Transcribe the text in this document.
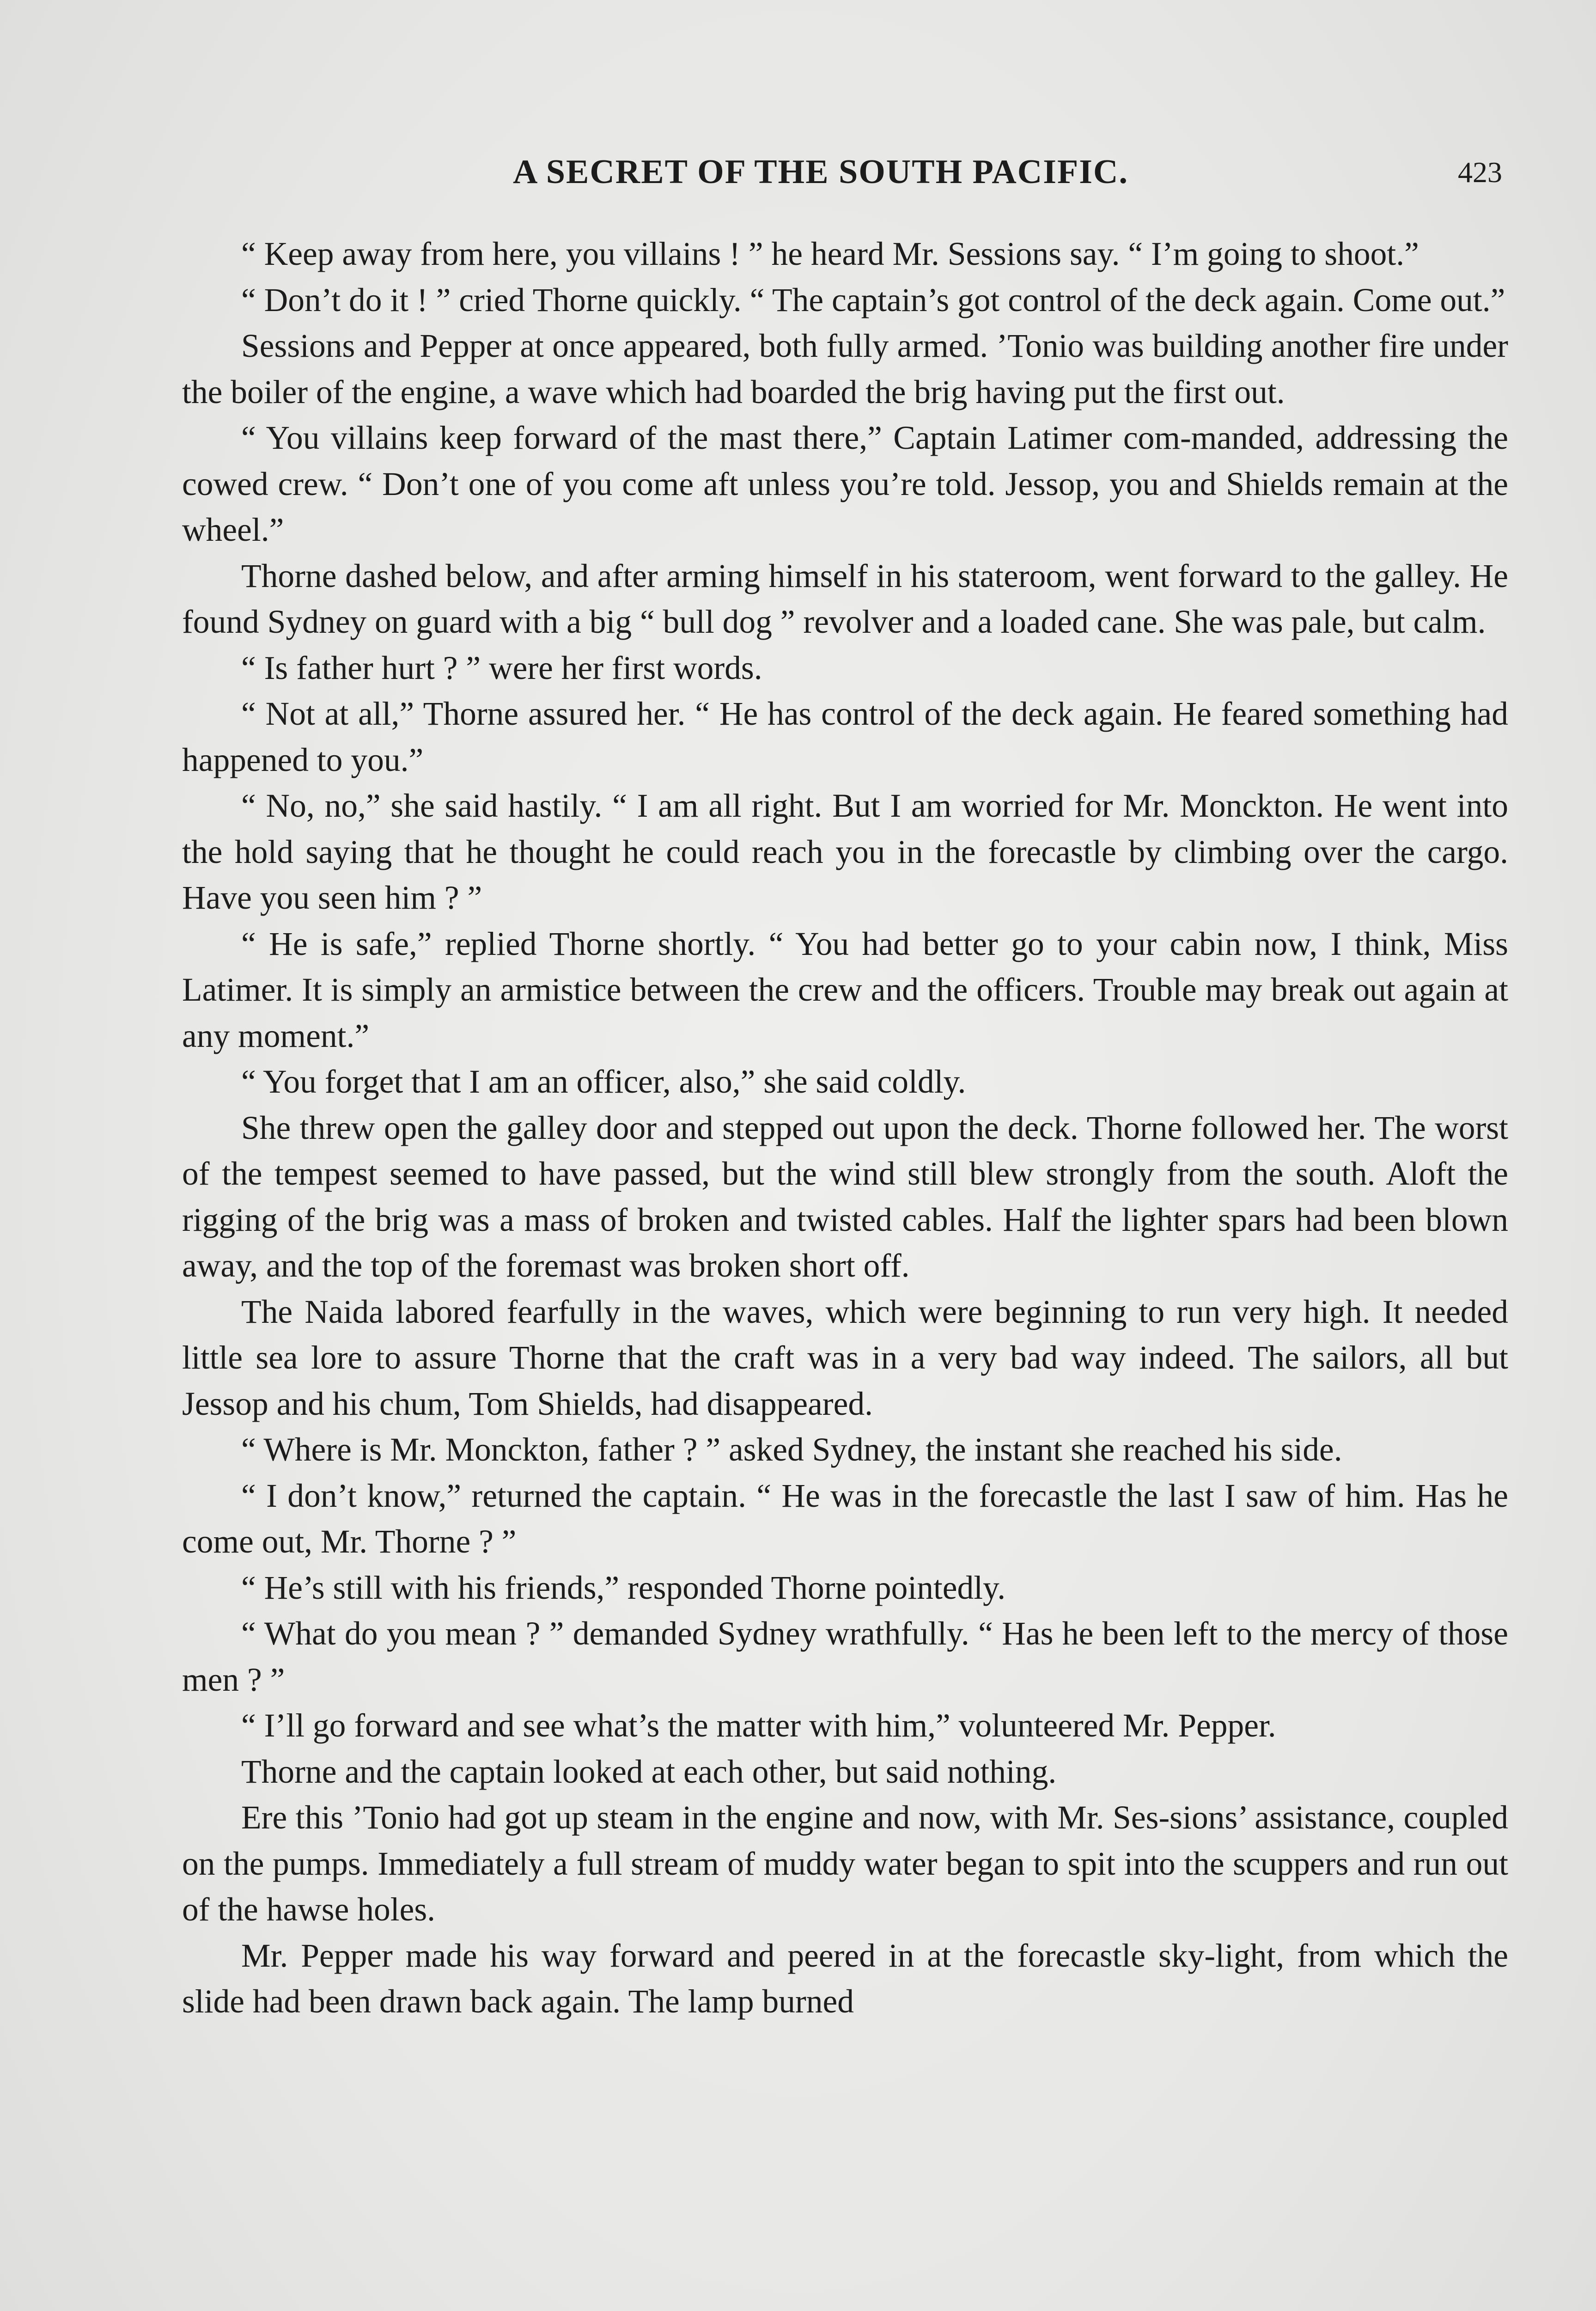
A SECRET OF THE SOUTH PACIFIC.	423

“ Keep away from here, you villains ! ” he heard Mr. Sessions say. “ I’m going to shoot.”

“ Don’t do it ! ” cried Thorne quickly. “ The captain’s got control of the deck again. Come out.”

Sessions and Pepper at once appeared, both fully armed. ’Tonio was building another fire under the boiler of the engine, a wave which had boarded the brig having put the first out.

“ You villains keep forward of the mast there,” Captain Latimer com-manded, addressing the cowed crew. “ Don’t one of you come aft unless you’re told. Jessop, you and Shields remain at the wheel.”

Thorne dashed below, and after arming himself in his stateroom, went forward to the galley. He found Sydney on guard with a big “ bull dog ” revolver and a loaded cane. She was pale, but calm.

“ Is father hurt ? ” were her first words.

“ Not at all,” Thorne assured her. “ He has control of the deck again. He feared something had happened to you.”

“ No, no,” she said hastily. “ I am all right. But I am worried for Mr. Monckton. He went into the hold saying that he thought he could reach you in the forecastle by climbing over the cargo. Have you seen him ? ”

“ He is safe,” replied Thorne shortly. “ You had better go to your cabin now, I think, Miss Latimer. It is simply an armistice between the crew and the officers. Trouble may break out again at any moment.”

“ You forget that I am an officer, also,” she said coldly.

She threw open the galley door and stepped out upon the deck. Thorne followed her. The worst of the tempest seemed to have passed, but the wind still blew strongly from the south. Aloft the rigging of the brig was a mass of broken and twisted cables. Half the lighter spars had been blown away, and the top of the foremast was broken short off.

The Naida labored fearfully in the waves, which were beginning to run very high. It needed little sea lore to assure Thorne that the craft was in a very bad way indeed. The sailors, all but Jessop and his chum, Tom Shields, had disappeared.

“ Where is Mr. Monckton, father ? ” asked Sydney, the instant she reached his side.

“ I don’t know,” returned the captain. “ He was in the forecastle the last I saw of him. Has he come out, Mr. Thorne ? ”

“ He’s still with his friends,” responded Thorne pointedly.

“ What do you mean ? ” demanded Sydney wrathfully. “ Has he been left to the mercy of those men ? ”

“ I’ll go forward and see what’s the matter with him,” volunteered Mr. Pepper.

Thorne and the captain looked at each other, but said nothing.

Ere this ’Tonio had got up steam in the engine and now, with Mr. Ses-sions’ assistance, coupled on the pumps. Immediately a full stream of muddy water began to spit into the scuppers and run out of the hawse holes.

Mr. Pepper made his way forward and peered in at the forecastle sky-light, from which the slide had been drawn back again. The lamp burned
